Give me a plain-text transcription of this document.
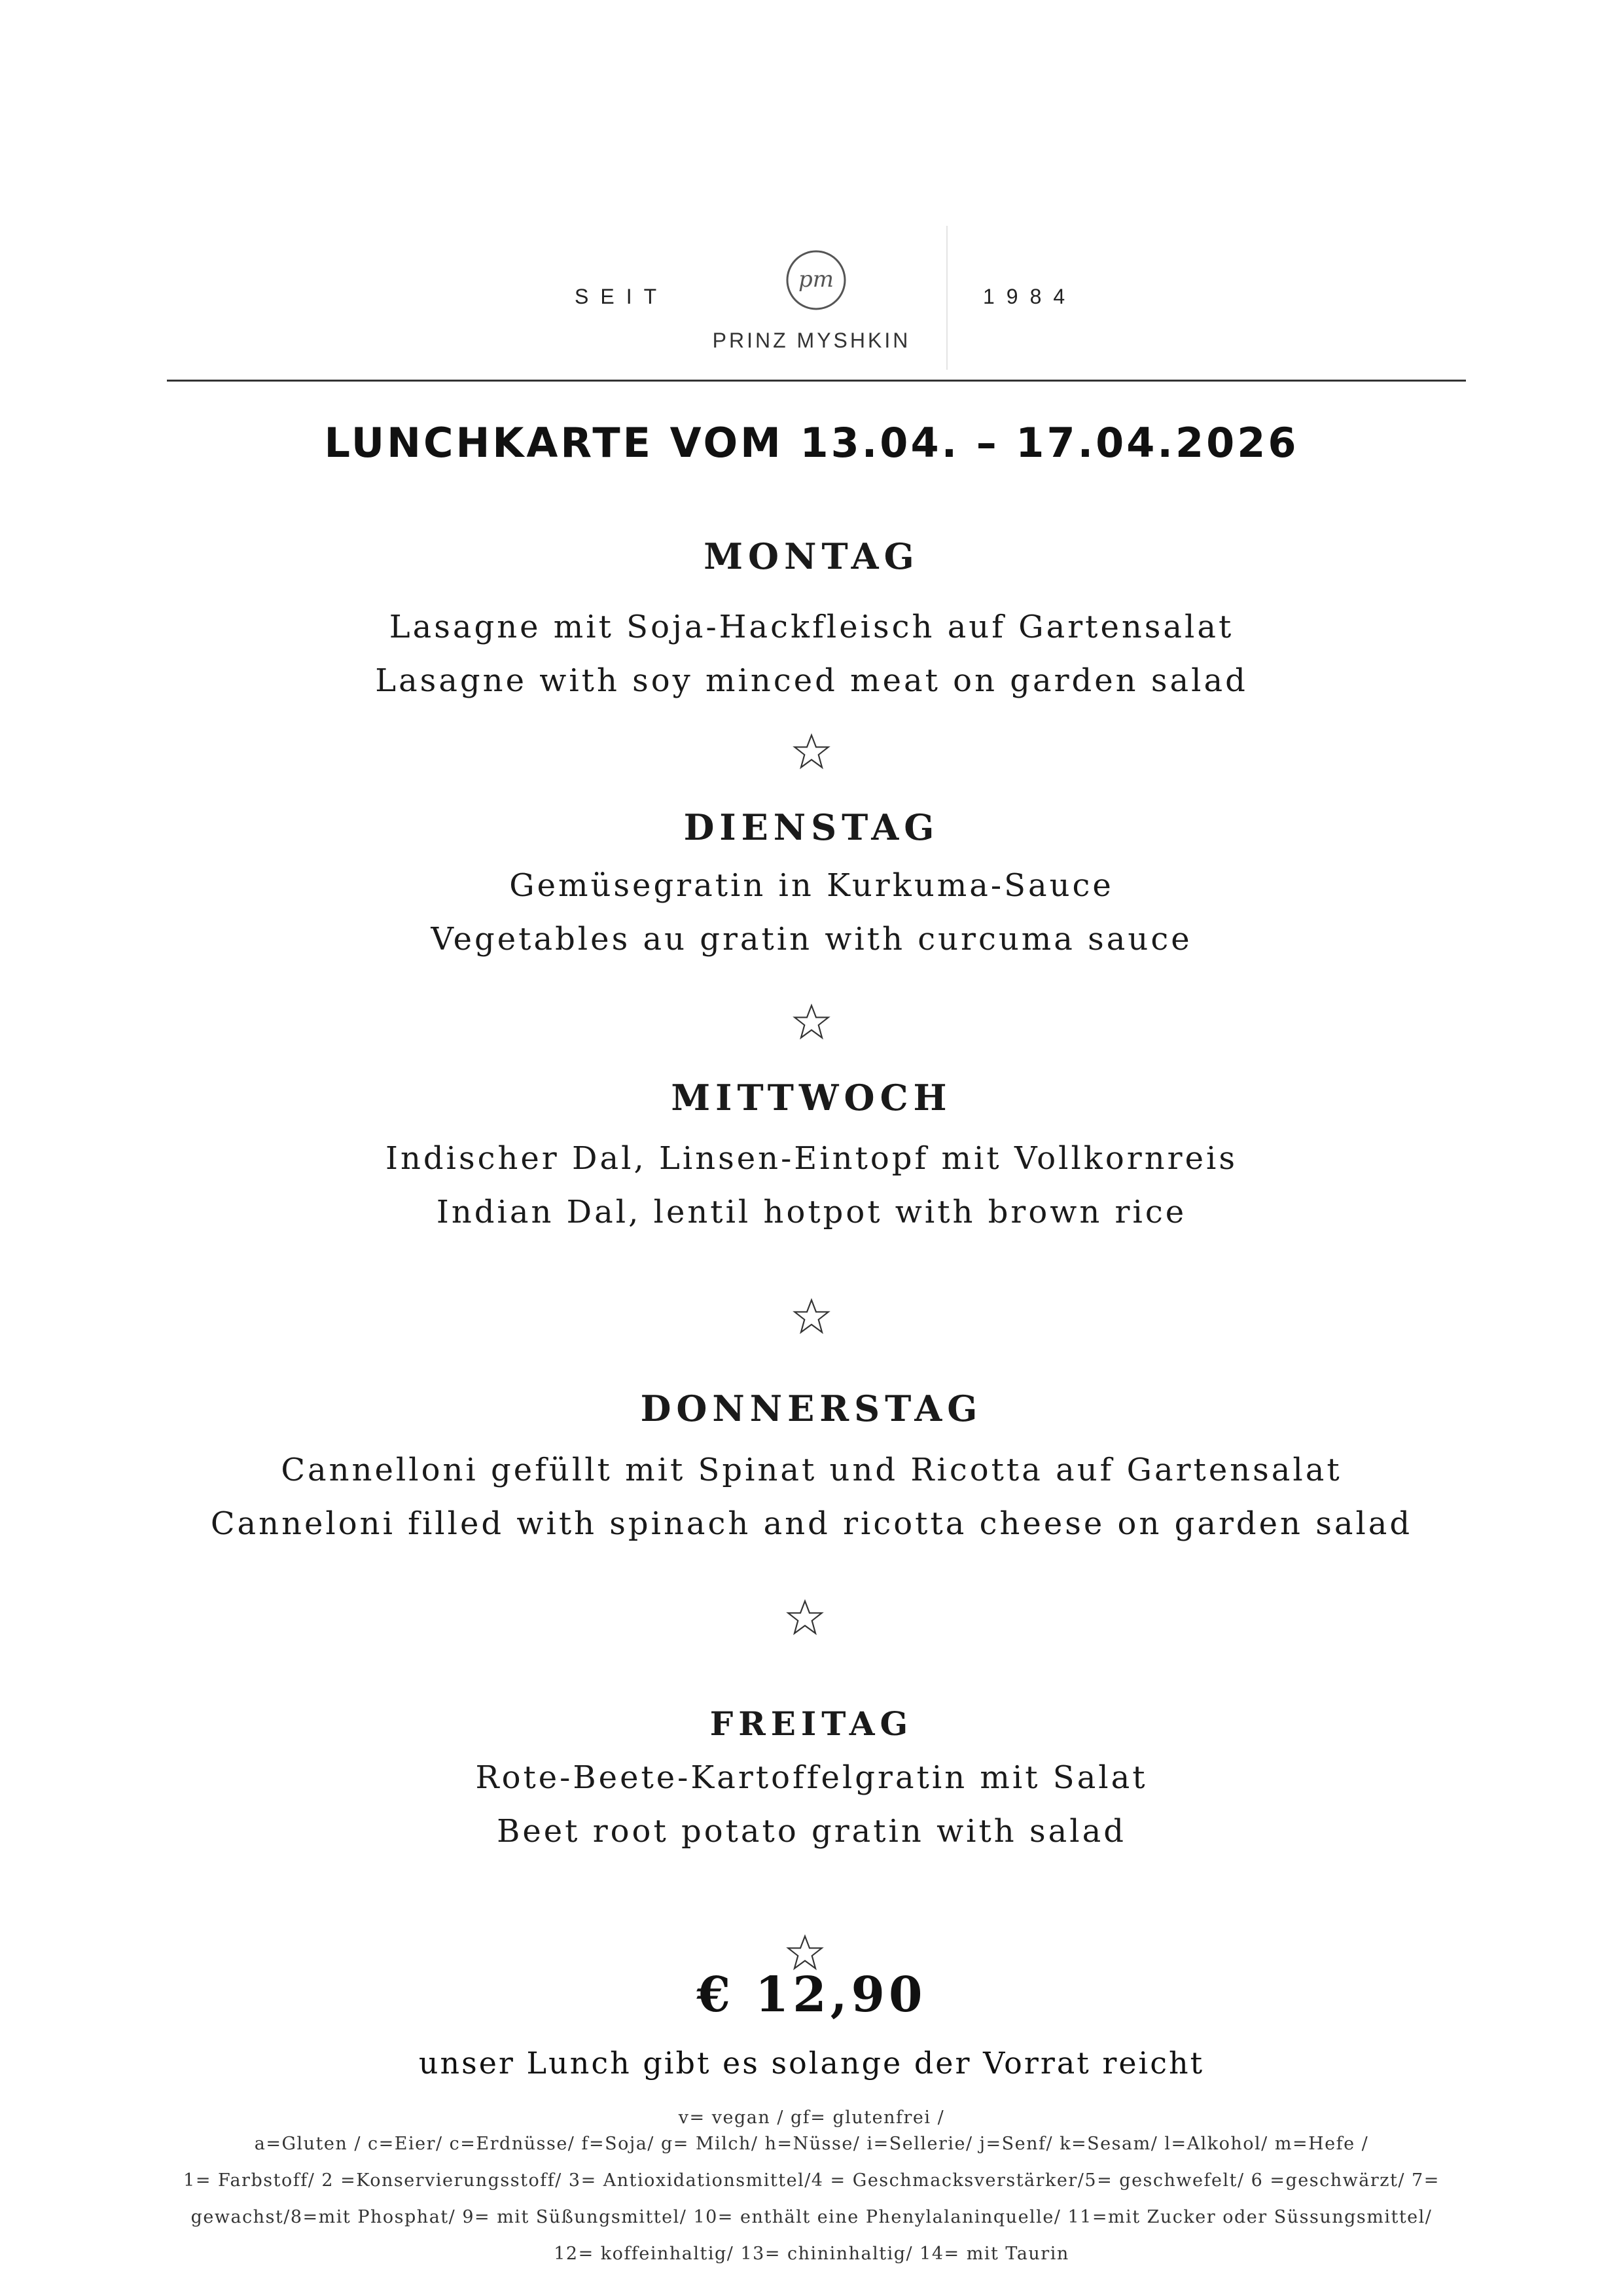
SEIT
pm
1984
PRINZ MYSHKIN
LUNCHKARTE VOM 13.04. – 17.04.2026
MONTAG
Lasagne mit Soja-Hackfleisch auf Gartensalat
Lasagne with soy minced meat on garden salad
DIENSTAG
Gemüsegratin in Kurkuma-Sauce
Vegetables au gratin with curcuma sauce
MITTWOCH
Indischer Dal, Linsen-Eintopf mit Vollkornreis
Indian Dal, lentil hotpot with brown rice
DONNERSTAG
Cannelloni gefüllt mit Spinat und Ricotta auf Gartensalat
Canneloni filled with spinach and ricotta cheese on garden salad
FREITAG
Rote-Beete-Kartoffelgratin mit Salat
Beet root potato gratin with salad
€ 12,90
unser Lunch gibt es solange der Vorrat reicht
v= vegan / gf= glutenfrei /
a=Gluten / c=Eier/ c=Erdnüsse/ f=Soja/ g= Milch/ h=Nüsse/ i=Sellerie/ j=Senf/ k=Sesam/ l=Alkohol/ m=Hefe /
1= Farbstoff/ 2 =Konservierungsstoff/ 3= Antioxidationsmittel/4 = Geschmacksverstärker/5= geschwefelt/ 6 =geschwärzt/ 7=
gewachst/8=mit Phosphat/ 9= mit Süßungsmittel/ 10= enthält eine Phenylalaninquelle/ 11=mit Zucker oder Süssungsmittel/
12= koffeinhaltig/ 13= chininhaltig/ 14= mit Taurin
